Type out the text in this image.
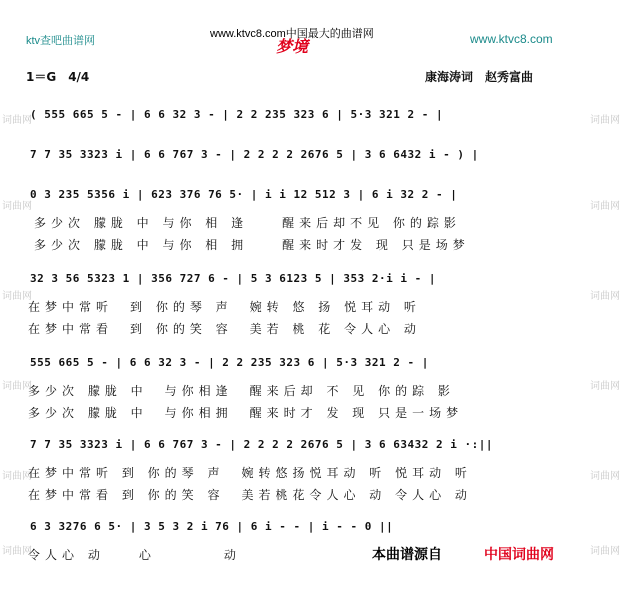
ktv查吧曲谱网
www.ktvc8.com中国最大的曲谱网	www.ktvc8.com
梦境
1＝G　4/4	康海涛词　赵秀富曲
词曲网
词曲网
词曲网
词曲网
词曲网
词曲网
词曲网
词曲网
词曲网
词曲网
词曲网
词曲网
( 555 665 5 - | 6 6 32 3 - | 2 2 235 323 6 | 5·3 321 2 - |
7 7 35 3323 i | 6 6 767 3 - | 2 2 2 2 2676 5 | 3 6 6432 i - ) |
0 3 235 5356 i | 623 376 76 5· | i i 12 512 3 | 6 i 32 2 - |
32 3 56 5323 1 | 356 727 6 - | 5 3 6123 5 | 353 2·i i - |
555 665 5 - | 6 6 32 3 - | 2 2 235 323 6 | 5·3 321 2 - |
7 7 35 3323 i | 6 6 767 3 - | 2 2 2 2 2676 5 | 3 6 63432 2 i ·:||
6 3 3276 6 5· | 3 5 3 2 i 76 | 6 i - - | i - - 0 ||
多少次 朦胧 中 与你 相 逢　　醒来后却不见 你的踪影
多少次 朦胧 中 与你 相 拥　　醒来时才发 现 只是场梦
在梦中常听　到 你的琴 声　婉转 悠 扬 悦耳动 听
在梦中常看　到 你的笑 容　美若 桃 花 令人心 动
多少次 朦胧 中　与你相逢　醒来后却 不 见 你的踪 影
多少次 朦胧 中　与你相拥　醒来时才 发 现 只是一场梦
在梦中常听 到 你的琴 声　婉转悠扬悦耳动 听 悦耳动 听
在梦中常看 到 你的笑 容　美若桃花令人心 动 令人心 动
令人心 动　　心　　　　动	本曲谱源自	中国词曲网
